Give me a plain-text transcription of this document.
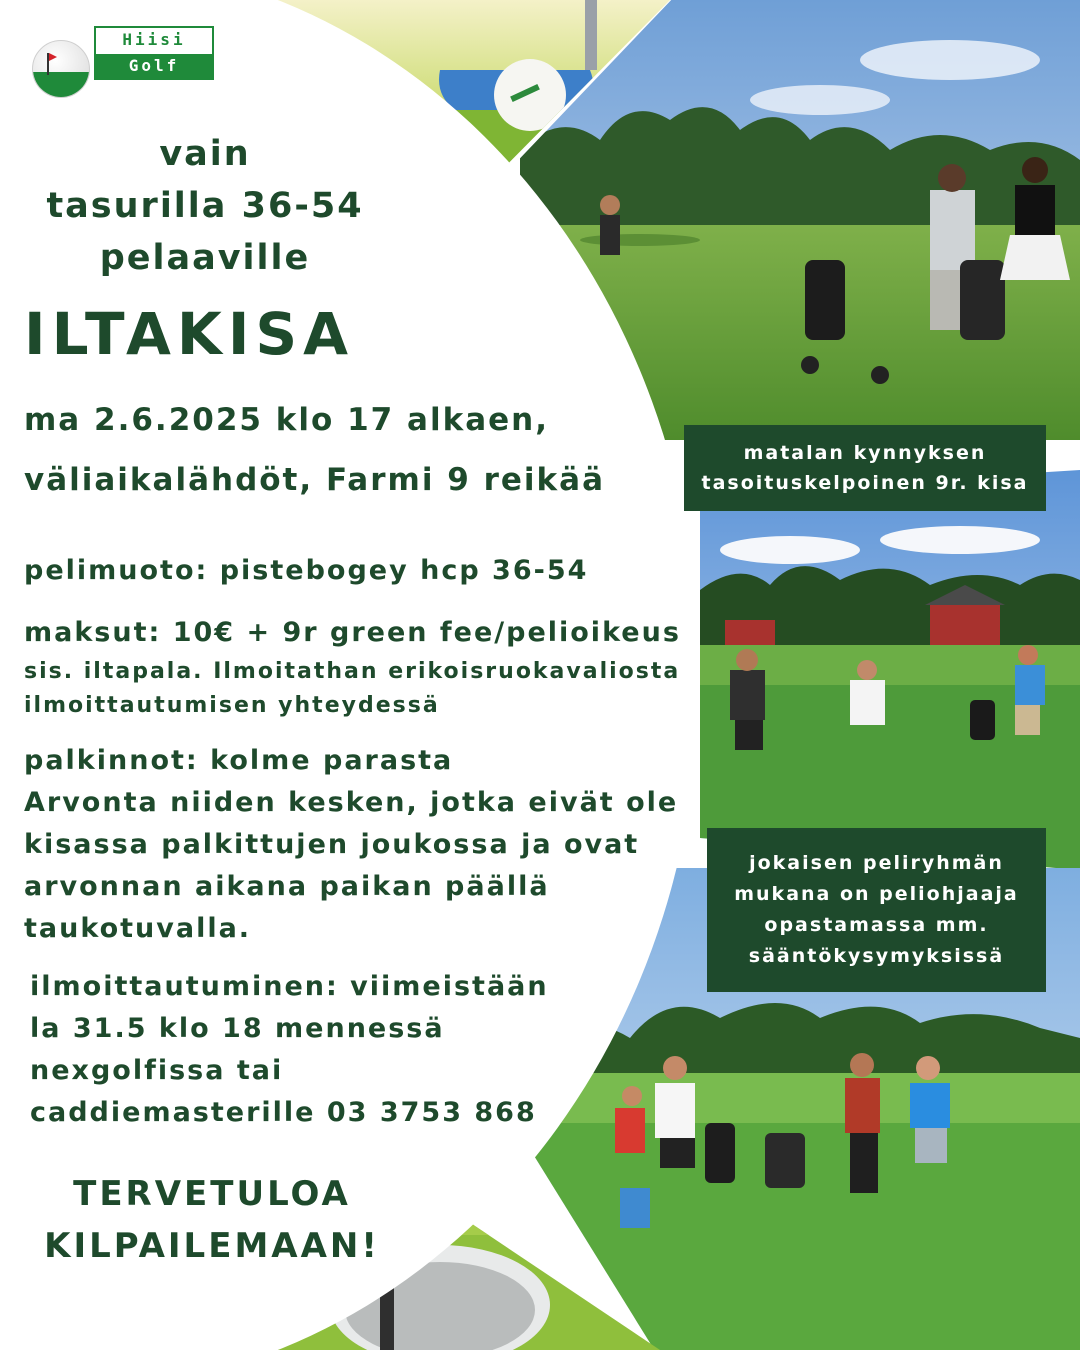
Hiisi
Golf
vain
tasurilla 36-54
pelaaville
ILTAKISA
ma 2.6.2025 klo 17 alkaen,
väliaikalähdöt, Farmi 9 reikää
pelimuoto: pistebogey hcp 36-54
maksut: 10€ + 9r green fee/pelioikeus
sis. iltapala. Ilmoitathan erikoisruokavaliosta
ilmoittautumisen yhteydessä
palkinnot: kolme parasta
Arvonta niiden kesken, jotka eivät ole
kisassa palkittujen joukossa ja ovat
arvonnan aikana paikan päällä
taukotuvalla.
ilmoittautuminen: viimeistään
la 31.5 klo 18 mennessä
nexgolfissa tai
caddiemasterille 03 3753 868
TERVETULOA
KILPAILEMAAN!
matalan kynnyksen
tasoituskelpoinen 9r. kisa
jokaisen peliryhmän
mukana on peliohjaaja
opastamassa mm.
sääntökysymyksissä
